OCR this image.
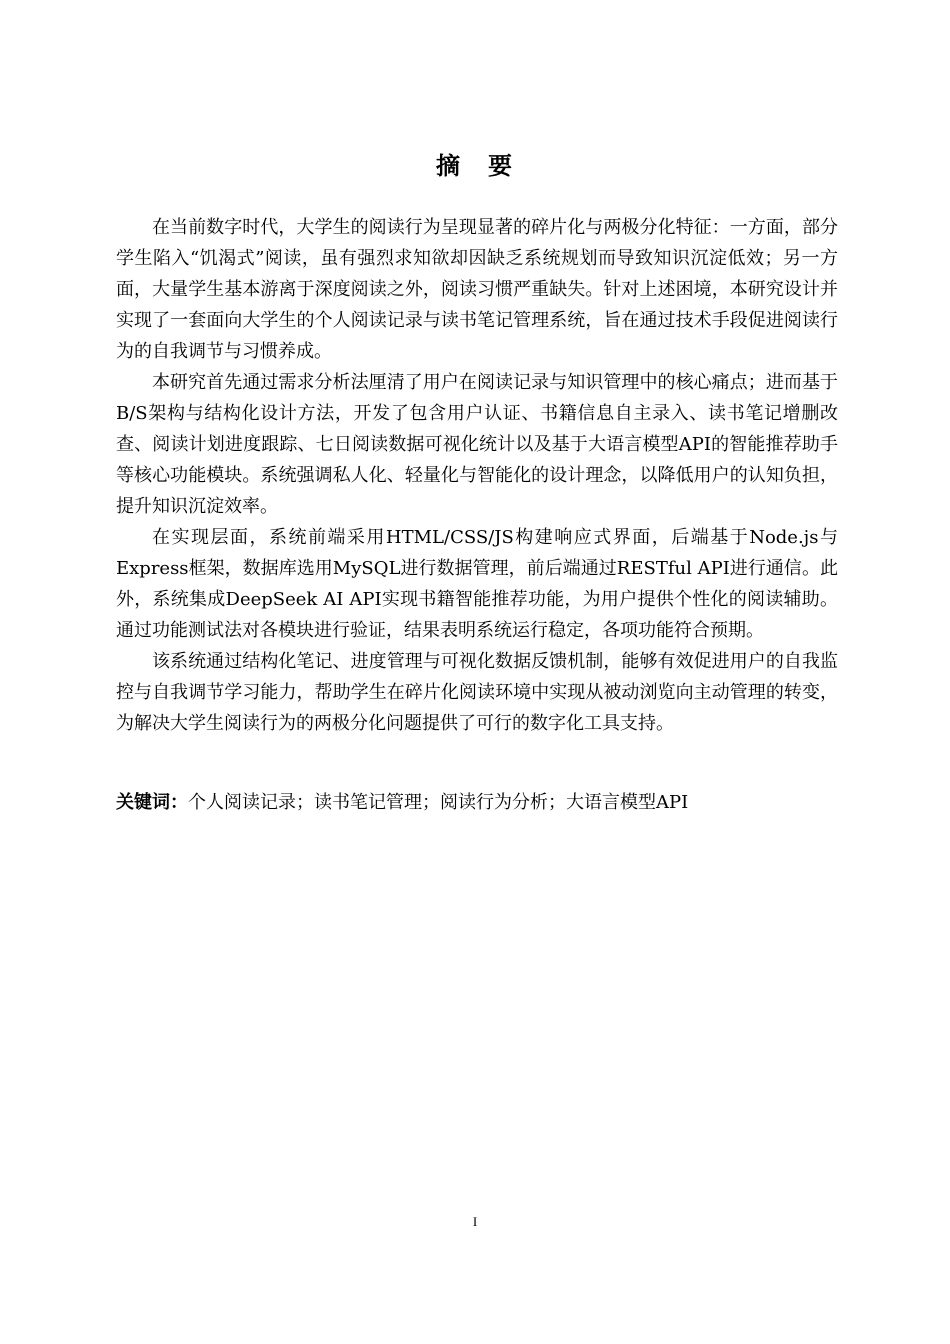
摘　要

在当前数字时代，大学生的阅读行为呈现显著的碎片化与两极分化特征：一方面，部分学生陷入“饥渴式”阅读，虽有强烈求知欲却因缺乏系统规划而导致知识沉淀低效；另一方面，大量学生基本游离于深度阅读之外，阅读习惯严重缺失。针对上述困境，本研究设计并实现了一套面向大学生的个人阅读记录与读书笔记管理系统，旨在通过技术手段促进阅读行为的自我调节与习惯养成。

本研究首先通过需求分析法厘清了用户在阅读记录与知识管理中的核心痛点；进而基于B/S架构与结构化设计方法，开发了包含用户认证、书籍信息自主录入、读书笔记增删改查、阅读计划进度跟踪、七日阅读数据可视化统计以及基于大语言模型API的智能推荐助手等核心功能模块。系统强调私人化、轻量化与智能化的设计理念，以降低用户的认知负担，提升知识沉淀效率。

在实现层面，系统前端采用HTML/CSS/JS构建响应式界面，后端基于Node.js与Express框架，数据库选用MySQL进行数据管理，前后端通过RESTful API进行通信。此外，系统集成DeepSeek AI API实现书籍智能推荐功能，为用户提供个性化的阅读辅助。通过功能测试法对各模块进行验证，结果表明系统运行稳定，各项功能符合预期。

该系统通过结构化笔记、进度管理与可视化数据反馈机制，能够有效促进用户的自我监控与自我调节学习能力，帮助学生在碎片化阅读环境中实现从被动浏览向主动管理的转变，为解决大学生阅读行为的两极分化问题提供了可行的数字化工具支持。

关键词：个人阅读记录；读书笔记管理；阅读行为分析；大语言模型API
I
